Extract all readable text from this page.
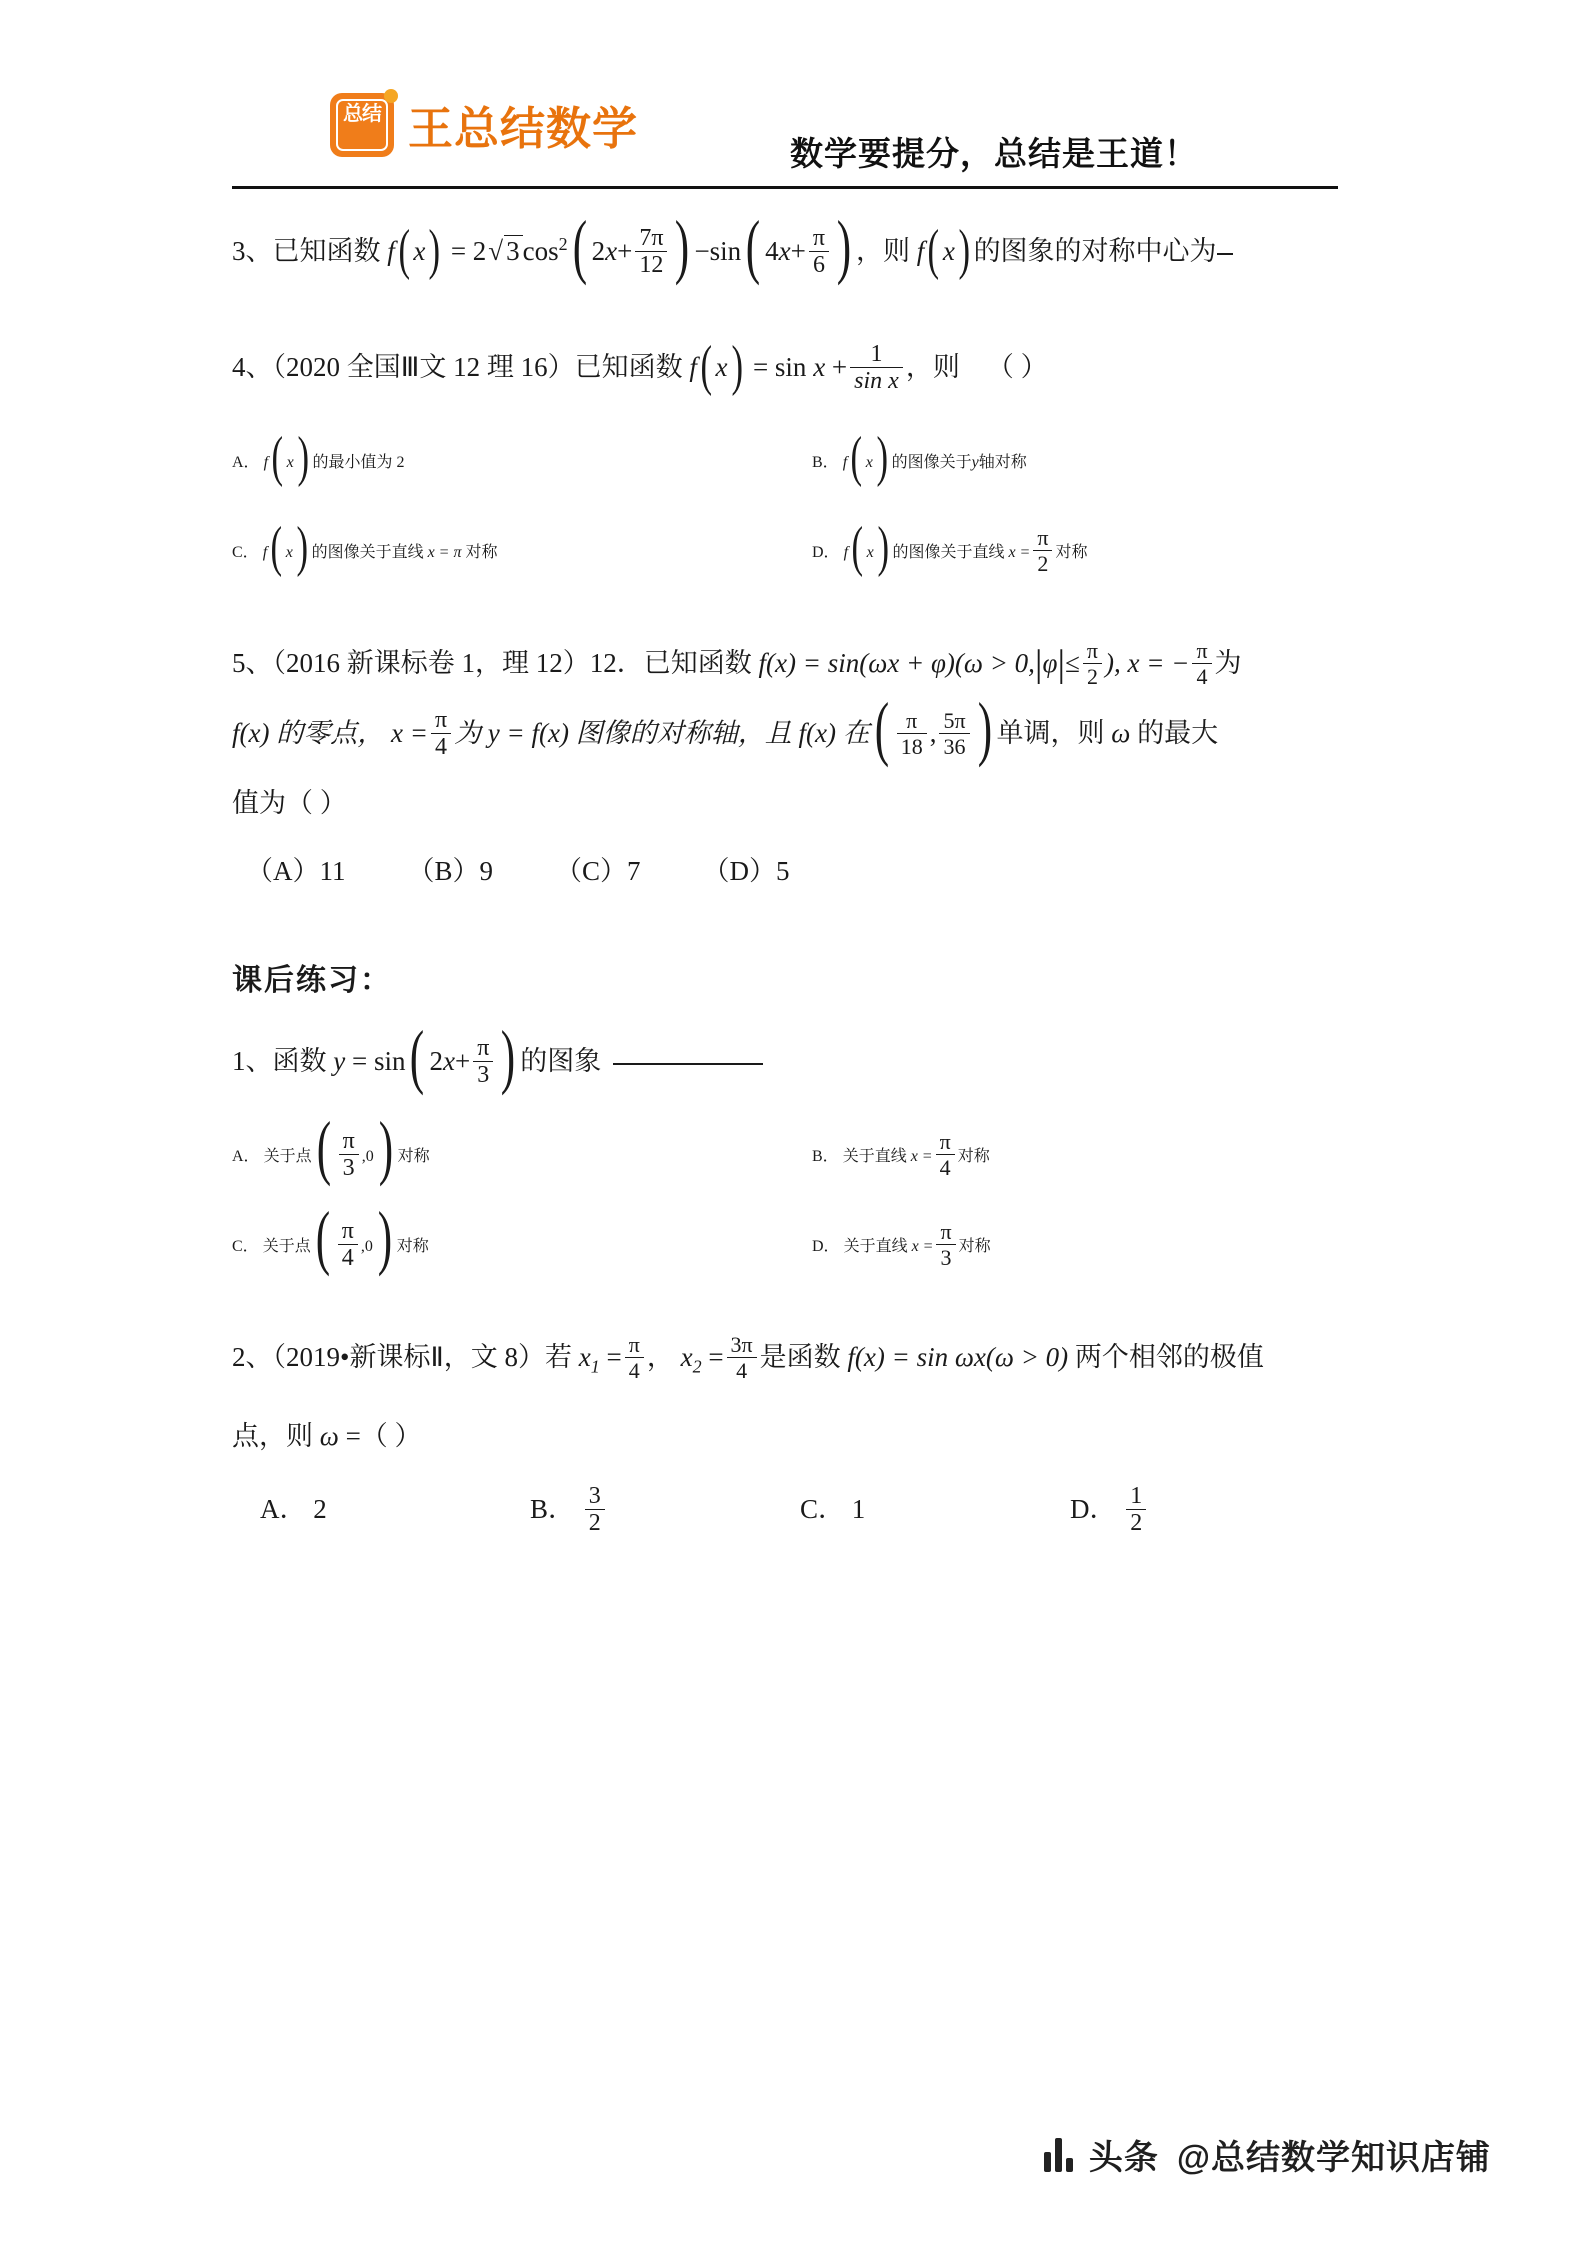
总结 王总结数学
数学要提分，总结是王道！
3、已知函数 f( x) = 2√ 3 $\cos^2$( $2x+ \frac{7\pi}{12}$ ) −sin( $4x+ \frac{\pi}{6}$ ) ，则 f( x) 的图象的对称中心为
4、（2020 全国Ⅲ文 12 理 16）已知函数 f( $x) = \sin x + \frac{1}{\text{sin x}}$ ，则 （ ）
A． f( x) 的最小值为 2	B． f( x) 的图像关于y轴对称
C． f( x) 的图像关于直线 x = π 对称	D． f( x) 的图像关于直线 $x = \frac{\pi}{2}$ 对称
5、（2016 新课标卷 1，理 12）12．已知函数 $f(x) = \sin(\omega x + \varphi)(\omega > 0,|\varphi|\le \frac{\pi}{2}$ ), x = − $\frac{\pi}{4}$ 为
f(x) 的零点， $x = \frac{\pi}{4}$ 为 y = f(x) 图像的对称轴，且 f(x) 在( $\frac{\pi}{18}$ , $\frac{5\pi}{36}$ ) 单调，则 ω 的最大
值为（ ）
（A）11 （B）9 （C）7 （D）5
课后练习：
1、函数 y = sin( $2x+ \frac{\pi}{3}$ ) 的图象
A． 关于点( $\frac{\pi}{3} ,0$) 对称	B． 关于直线 $x = \frac{\pi}{4}$ 对称
C． 关于点( $\frac{\pi}{4} ,0$) 对称	D． 关于直线 $x = \frac{\pi}{3}$ 对称
2、（2019•新课标Ⅱ，文 8）若 $x_1 = \frac{\pi}{4}$ ， $x_2 = \frac{3\pi}{4}$ 是函数 f(x) = sin ωx(ω > 0) 两个相邻的极值
点，则 ω =（ ）
A． 2	B． $\frac{3}{2}$	C． 1	D． $\frac{1}{2}$
头条 @总结数学知识店铺
